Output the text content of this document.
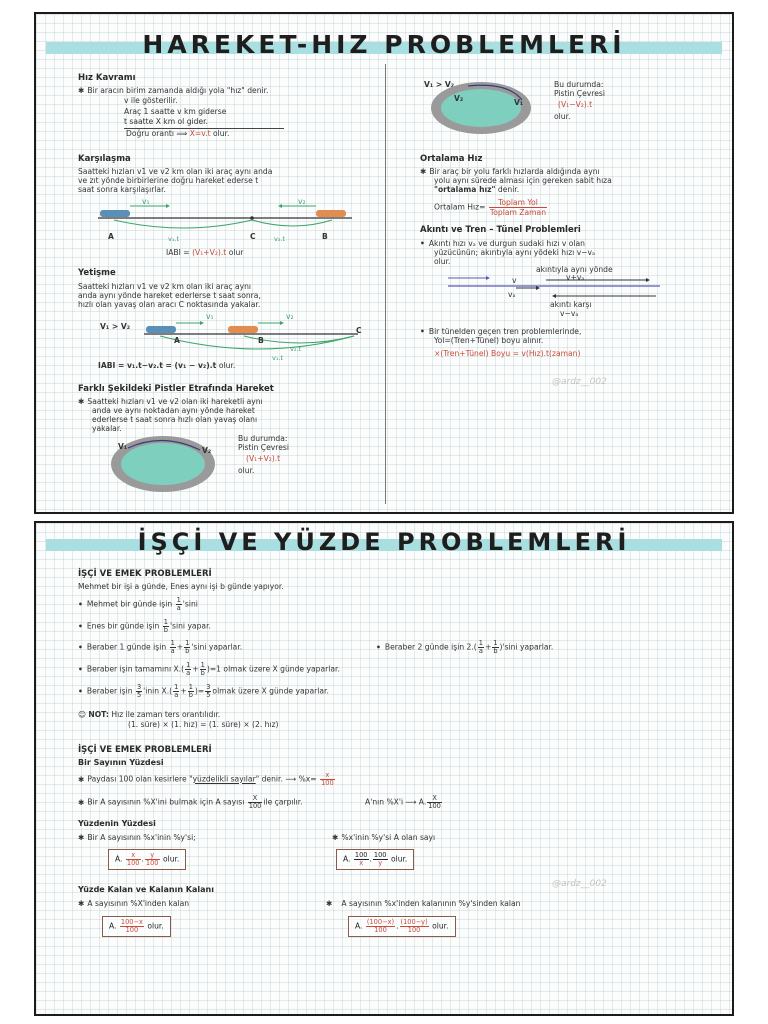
HAREKET-HIZ PROBLEMLERİ
Hız Kavramı
✱ Bir aracın birim zamanda aldığı yola "hız" denir.
v ile gösterilir.
Araç 1 saatte v km giderse
t saatte X km ol gider.
Doğru orantı ⟹ X=v.t olur.
Karşılaşma
Saatteki hızları v1 ve v2 km olan iki araç aynı anda
ve zıt yönde birbirlerine doğru hareket ederse t
saat sonra karşılaşırlar.
A	C	B
v₁	v₂
v₁.t	v₂.t
IABI = (V₁+V₂).t olur
Yetişme
Saatteki hızları v1 ve v2 km olan iki araç aynı
anda aynı yönde hareket ederlerse t saat sonra,
hızlı olan yavaş olan aracı C noktasında yakalar.
V₁ > V₂
A	B
C
v₁	v₂
v₂.t
v₁.t
IABI = v₁.t−v₂.t = (v₁ − v₂).t olur.
Farklı Şekildeki Pistler Etrafında Hareket
✱ Saatteki hızları v1 ve v2 olan iki hareketli aynı
anda ve aynı noktadan aynı yönde hareket
ederlerse t saat sonra hızlı olan yavaş olanı
yakalar.
V₁	V₂
Bu durumda:
Pistin Çevresi
(V₁+V₂).t
olur.
V₁ > V₂
V₂	V₁
Bu durumda:
Pistin Çevresi
(V₁−V₂).t
olur.
Ortalama Hız
✱ Bir araç bir yolu farklı hızlarda aldığında aynı
yolu aynı sürede alması için gereken sabit hıza
"ortalama hız" denir.
Ortalam Hız= $\frac{\text{Toplam Yol}}{\text{Toplam Zaman}}$
Akıntı ve Tren – Tünel Problemleri
• Akıntı hızı vₐ ve durgun sudaki hızı v olan
yüzücünün; akıntıyla aynı yödeki hızı v−vₐ
olur.
akıntıyla aynı yönde
v+vₐ
v
vₐ
akıntı karşı
v−vₐ
• Bir tünelden geçen tren problemlerinde,
Yol=(Tren+Tünel) boyu alınır.
×(Tren+Tünel) Boyu = v(Hız).t(zaman)
@ardz__002
İŞÇİ VE YÜZDE PROBLEMLERİ
İŞÇİ VE EMEK PROBLEMLERİ
Mehmet bir işi a günde, Enes aynı işi b günde yapıyor.
• Mehmet bir günde işin $\frac{1}{a}$ 'sini
• Enes bir günde işin $\frac{1}{b}$ 'sini yapar.
• Beraber 1 günde işin $\frac{1}{a} + \frac{1}{b}$ 'sini yaparlar.	• Beraber 2 günde işin $2.( \frac{1}{a} + \frac{1}{b} )'\sin i$ yaparlar.
• Beraber işin tamamını $X.( \frac{1}{a} + \frac{1}{b} )=1$ olmak üzere X günde yaparlar.
• Beraber işin $\frac{3}{5}$ 'inin $X.( \frac{1}{a} + \frac{1}{b}$ )= $\frac{3}{5}$ olmak üzere X günde yaparlar.
☺ NOT: Hız ile zaman ters orantılıdır.
(1. süre) × (1. hız) = (1. süre) × (2. hız)
İŞÇİ VE EMEK PROBLEMLERİ
Bir Sayının Yüzdesi
✱ Paydası 100 olan kesirlere "yüzdelikli sayılar" denir. ⟶ $\%x= \frac{x}{100}$
✱ Bir A sayısının %X'ini bulmak için A sayısı $\frac{X}{100}$ ile çarpılır.	A'nın %X'i ⟶ A. $\frac{X}{100}$
Yüzdenin Yüzdesi
✱ Bir A sayısının %x'inin %y'si;	✱ %x'inin %y'si A olan sayı
A. $\frac{x}{100}$ . $\frac{y}{100}$ olur.	A. $\frac{100}{x}$ . $\frac{100}{y}$ olur.
Yüzde Kalan ve Kalanın Kalanı
✱ A sayısının %X'inden kalan	✱ A sayısının %x'inden kalanının %y'sinden kalan
A. $\frac{100-x}{100}$ olur.	A. $\frac{(100-x)}{100}$ . $\frac{(100-y)}{100}$ olur.
@ardz__002
